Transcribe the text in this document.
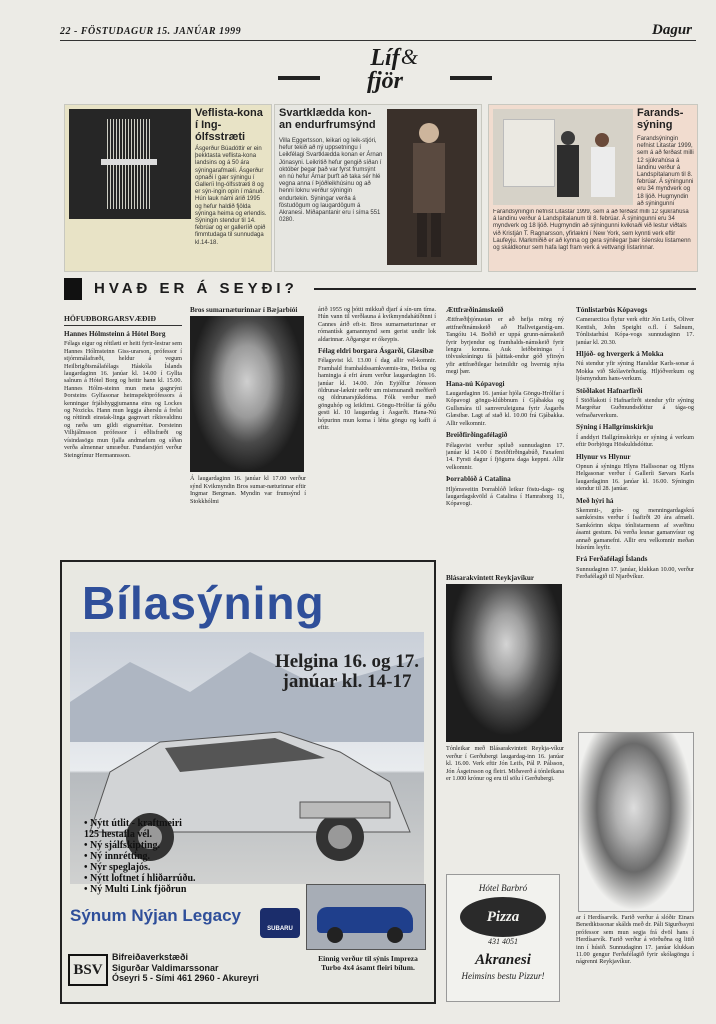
22 - FÖSTUDAGUR 15. JANÚAR 1999	Dagur
Líf &
fjör
Veflista-kona í Ing-ólfsstræti

Ásgerður Búadóttir er ein þekktasta veflista-kona landsins og á 50 ára sýningarafmæli. Ásgerður opnaði í gær sýningu í Galleríi Ing-ólfsstræti 8 og er sýn-ingin opin í mánuð. Hún lauk námi árið 1995 og hefur haldið fjölda sýninga heima og erlendis. Sýningin stendur til 14. febrúar og er gallerííð opið fimmtudaga til sunnudaga kl.14-18.

Svartklædda kon-an endurfrumsýnd

Villa Eggertsson, leikari og leik-stjóri, hefur tekið að ný uppsetningu í Leikfélagi Svartklædda konan er Árnan Jónasyni. Leikritið hefur gengið síðan í október þegar það var fyrst frumsýnt en nú hefur Árnar þurft að taka sér hlé vegna anna í Þjóðleikhúsinu og að henni loknu verður sýningin endurtekin. Sýningar verða á föstudögum og laugardögum á Akranesi. Miðapantanir eru í síma 551 0280.

Farands-sýning

Farandsýningin nefnist Litastar 1999, sem á að ferðast milli 12 sjúkrahúsa á landinu verður á Landspítalanum til 8. febrúar. Á sýningunni eru 34 myndverk og 18 ljóð. Hugmyndin að sýningunni

Farandsýningin nefnist Litastar 1999, sem á að ferðast milli 12 sjúkrahúsa á landinu verður á Landspítalanum til 8. febrúar. Á sýningunni eru 34 myndverk og 18 ljóð. Hugmyndin að sýningunni kviknaði við lestur viðtals við Kristján T. Ragnarsson, yfirlækni í New York, sem kynnti verk eftir Laufeyju. Markmiðið er að kynna og gera sýnilegar þær íslensku listamenn og skáldkonur sem hafa lagt fram verk á vettvangi listarinnar.

HVAÐ ER Á SEYÐI?
HÖFUÐBORGARSVÆÐIÐ
Hannes Hólmsteinn á Hótel Borg

Félags eigur og réttlæti er heiti fyrir-lestrar sem Hannes Hólmsteinn Giss-urarson, prófessor í stjórnmálafræði, heldur á vegum Heilbrigðismálafélags Háskóla Íslands laugardaginn 16. janúar kl. 14.00 í Gyllta salnum á Hótel Borg og heitir hann kl. 15.00. Hannes Hólm-steinn mun meta gagnrýni Þorsteins Gylfasonar heimspekiprófessors á kenningar frjálshyggjumanna eins og Lockes og Nozicks. Hann mun leggja áherslu á frelsi og réttindi einstak-linga gagnvart ríkisvaldinu og ræða um gildi eignarréttar. Þorsteinn Vilhjálmsson prófessor í eðlisfræði og vísindasögu mun fjalla andmælum og síðan verða almennar umræður. Fundarstjóri verður Steingrímur Hermannsson.

Bros sumarnæturinnar í Bæjarbíói

Á laugardaginn 16. janúar kl 17.00 verður sýnd Kvikmyndin Bros sumar-næturinnar eftir Ingmar Bergman. Myndin var frumsýnd í Stokkhólmi

árið 1955 og þótti mikkuð djarf á sín-um tíma. Hún vann til verðlauna á kvikmyndahátíðinni í Cannes árið eft-ir. Bros sumarnæturinnar er rómantísk gamanmynd sem gerist undir lok aldarinnar. Aðgangur er ókeypis.

Félag eldri borgara Ásgarði, Glæsibæ

Félagsvist kl. 13.00 í dag allir vel-komnir. Framhald framhaldssamkvæmis-ins, Heilsa og hamingja á efri árum verður laugardaginn 16. janúar kl. 14.00. Jón Eyjólfur Jónsson öldrunar-læknir ræðir um mismunandi meðferð og öldrunarsjúkdóma. Fólk verður með gönguhóp og leikfimi. Göngu-Hrólfar fá góðu gesti kl. 10 laugardag í Ásgarði. Hana-Nú hópurinn mun koma í létta göngu og kaffi á eftir.

Ættfræðinámskeið

Ættfræðiþjónustan er að hefja mörg ný ættfræðinámskeið að Hallveigarstíg-um. Tangóiu 14. Boðið er uppá grunn-námskeið fyrir byrjendur og framhalds-námskeið fyrir lengra komna. Auk leiðbeininga í tölvuskráningu fá þátttak-endur góð yfirsýn yfir ættfræðilegar heimildir og hvernig nýta megi þær.

Hana-nú Kópavogi

Laugardaginn 16. janúar hjóla Göngu-Hrólfar í Kópavogi göngu-klúbbnum í Gjábakka og Gullsmára til samveruleiguna fyrir Ásgarðs Glæsibæ. Lagt af stað kl. 10.00 frá Gjábakka. Allir velkomnir.

Breiðfirðingafélagið

Félagsvist verður spiluð sunnudaginn 17. janúar kl 14.00 í Breiðfirðingabúð, Faxafeni 14. Fyrsti dagur í fjögurra daga keppni. Allir velkomnir.

Þorrablóð á Catalina

Hljómsveitin Þorrablóð leikur föstu-dags- og laugardagskvöld á Catalina í Hamraborg 11, Kópavogi.

Blásarakvintett Reykjavíkur

Tónleikar með Blásarakvintett Reykja-víkur verður í Gerðubergi laugardag-inn 16. janúar kl. 16.00. Verk eftir Jón Leifs, Pál P. Pálsson, Jón Ásgeirsson og fleiri. Miðaverð á tónleikana er 1.000 krónur og eru til sölu í Gerðubergi.

Tónlistarbús Kópavogs

Camerarctica flytur verk eftir Jón Leifs, Oliver Kentish, John Speight o.fl. í Salnum, Tónlistarhúsi Kópa-vogs sunnudaginn 17. janúar kl. 20.30.

Hljóð- og hvergerk á Mokka

Nú stendur yfir sýning Haraldar Karls-sonar á Mokka við Skólavörðustíg. Hljóðverkum og ljósmyndum hans-verkum.

Stöðlakot Hafnarfirði

Í Stöðlakoti í Hafnarfirði stendur yfir sýning Margrétar Guðmundsdóttur á tága-og vefnaðarverkum.

Sýning í Hallgrímskirkju

Í anddyri Hallgrímskirkju er sýning á verkum eftir Þorbjörgu Höskuldsdóttur.

Hlynur vs Hlynur

Opnun á sýningu Hlyns Hallssonar og Hlyns Helgasonar verður í Galleríi Sævars Karls laugardaginn 16. janúar kl. 16.00. Sýningin stendur til 28. janúar.

Með hýri há

Skemmti-, grín- og menningardagskrá samkórsins verður í Ísafirði 20 ára afmæli. Samkórinn skipa tónlistarmenn af svæðinu ásamt gestum. Þá verða lesnar gamanvísur og annað gamanefni. Allir eru velkomnir meðan húsrúm leyfir.

Frá Ferðafélagi Íslands

Sunnudaginn 17. janúar, klukkan 10.00, verður Ferðafélagið til Njarðvíkur.

ar í Herdísarvík. Farið verður á slóðir Einars Benediktssonar skálds með dr. Páli Sigurðssyni prófessor sem mun segja frá dvöl hans í Herdísarvík. Farið verður á vörðuðna og litið inn í húsið. Sunnudaginn 17. janúar klukkan 11.00 gengur Ferðafélagið fyrir skólagöngu í nágrenni Reykjavíkur.

Bílasýning
Helgina 16. og 17. janúar kl. 14-17
• Nýtt útlit - kraftmeiri
125 hestafla vél.
• Ný sjálfskipting.
• Ný innrétting.
• Nýr speglajós.
• Nýtt loftnet í hliðarrúðu.
• Ný Multi Link fjöðrun
Sýnum Nýjan Legacy
SUBARU
BSV
Bifreiðaverkstæði
Sigurðar Valdimarssonar
Óseyri 5 - Sími 461 2960 - Akureyri
Einnig verður til sýnis Impreza Turbo 4x4 ásamt fleiri bílum.
Hótel Barbró
Pizza
431 4051
Akranesi
Heimsins bestu Pizzur!
